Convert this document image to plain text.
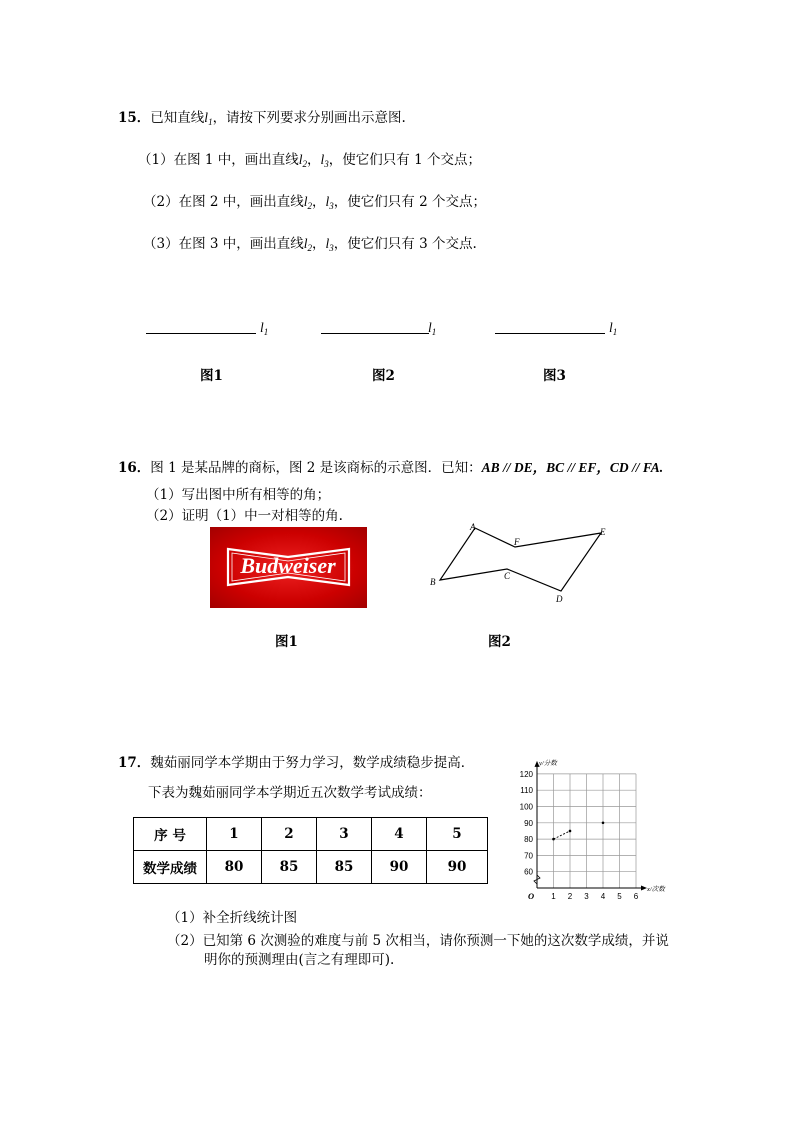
15．已知直线$l_1$，请按下列要求分别画出示意图.
（1）在图 1 中，画出直线$l_2$，$l_3$，使它们只有 1 个交点；
（2）在图 2 中，画出直线$l_2$，$l_3$，使它们只有 2 个交点；
（3）在图 3 中，画出直线$l_2$，$l_3$，使它们只有 3 个交点.
$l_1$	$l_1$	$l_1$
图1	图2	图3
16．图 1 是某品牌的商标，图 2 是该商标的示意图．已知：AB // DE，BC // EF，CD // FA.
（1）写出图中所有相等的角；
（2）证明（1）中一对相等的角.
Budweiser
A
B
C
D
E
F
图1	图2
17．魏茹丽同学本学期由于努力学习，数学成绩稳步提高．
下表为魏茹丽同学本学期近五次数学考试成绩：
序 号	1	2	3	4	5
数学成绩	80	85	85	90	90
1 2 3 4 5 6
60
70
80
90
100
110
120
O
x/次数
y/分数
（1）补全折线统计图
（2）已知第 6 次测验的难度与前 5 次相当，请你预测一下她的这次数学成绩，并说
明你的预测理由(言之有理即可).
